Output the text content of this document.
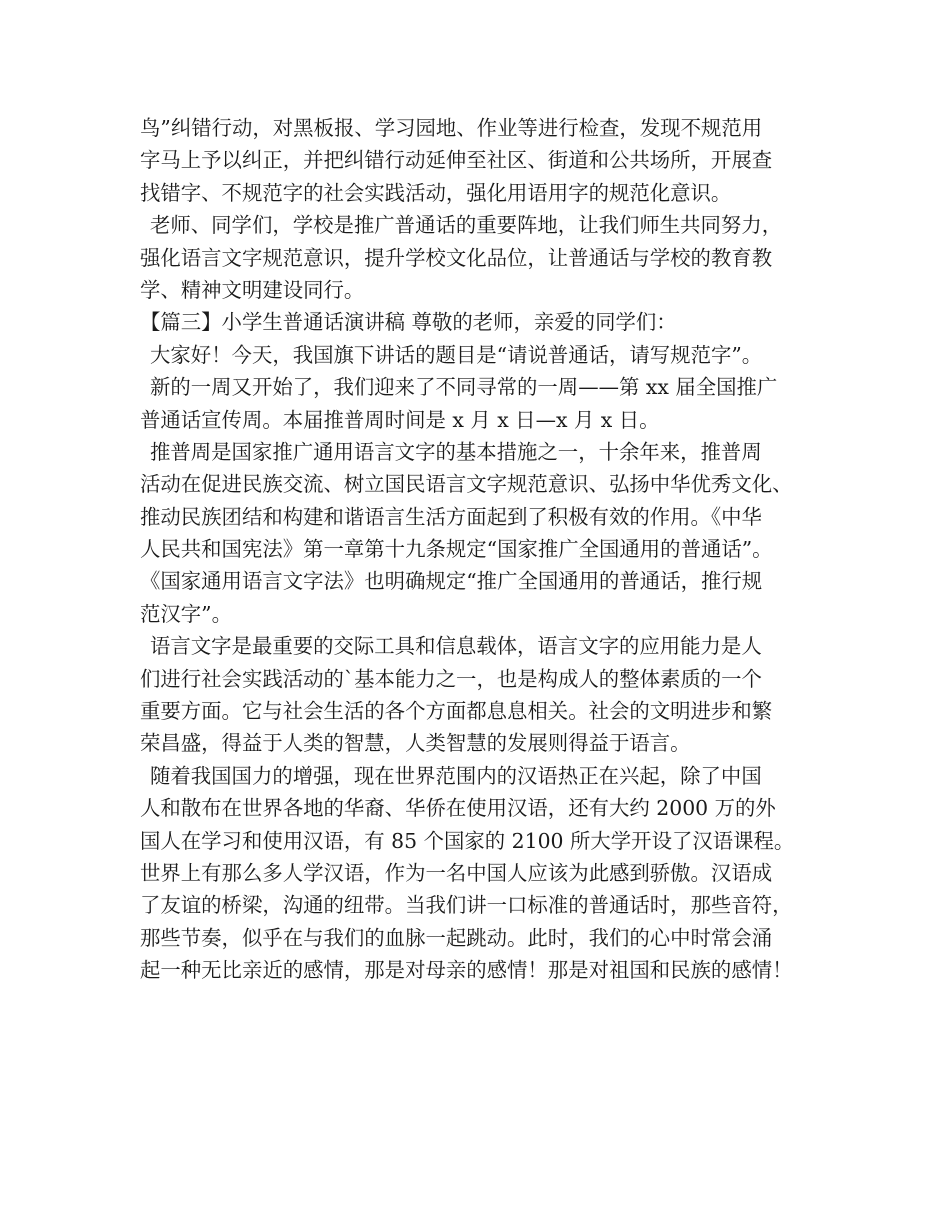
鸟”纠错行动，对黑板报、学习园地、作业等进行检查，发现不规范用
字马上予以纠正，并把纠错行动延伸至社区、街道和公共场所，开展查
找错字、不规范字的社会实践活动，强化用语用字的规范化意识。
老师、同学们，学校是推广普通话的重要阵地，让我们师生共同努力，
强化语言文字规范意识，提升学校文化品位，让普通话与学校的教育教
学、精神文明建设同行。
【篇三】小学生普通话演讲稿 尊敬的老师，亲爱的同学们：
大家好！今天，我国旗下讲话的题目是“请说普通话，请写规范字”。
新的一周又开始了，我们迎来了不同寻常的一周——第 xx 届全国推广
普通话宣传周。本届推普周时间是 x 月 x 日—x 月 x 日。
推普周是国家推广通用语言文字的基本措施之一，十余年来，推普周
活动在促进民族交流、树立国民语言文字规范意识、弘扬中华优秀文化、
推动民族团结和构建和谐语言生活方面起到了积极有效的作用。《中华
人民共和国宪法》第一章第十九条规定“国家推广全国通用的普通话”。
《国家通用语言文字法》也明确规定“推广全国通用的普通话，推行规
范汉字”。
语言文字是最重要的交际工具和信息载体，语言文字的应用能力是人
们进行社会实践活动的`基本能力之一，也是构成人的整体素质的一个
重要方面。它与社会生活的各个方面都息息相关。社会的文明进步和繁
荣昌盛，得益于人类的智慧，人类智慧的发展则得益于语言。
随着我国国力的增强，现在世界范围内的汉语热正在兴起，除了中国
人和散布在世界各地的华裔、华侨在使用汉语，还有大约 2000 万的外
国人在学习和使用汉语，有 85 个国家的 2100 所大学开设了汉语课程。
世界上有那么多人学汉语，作为一名中国人应该为此感到骄傲。汉语成
了友谊的桥梁，沟通的纽带。当我们讲一口标准的普通话时，那些音符，
那些节奏，似乎在与我们的血脉一起跳动。此时，我们的心中时常会涌
起一种无比亲近的感情，那是对母亲的感情！那是对祖国和民族的感情！
